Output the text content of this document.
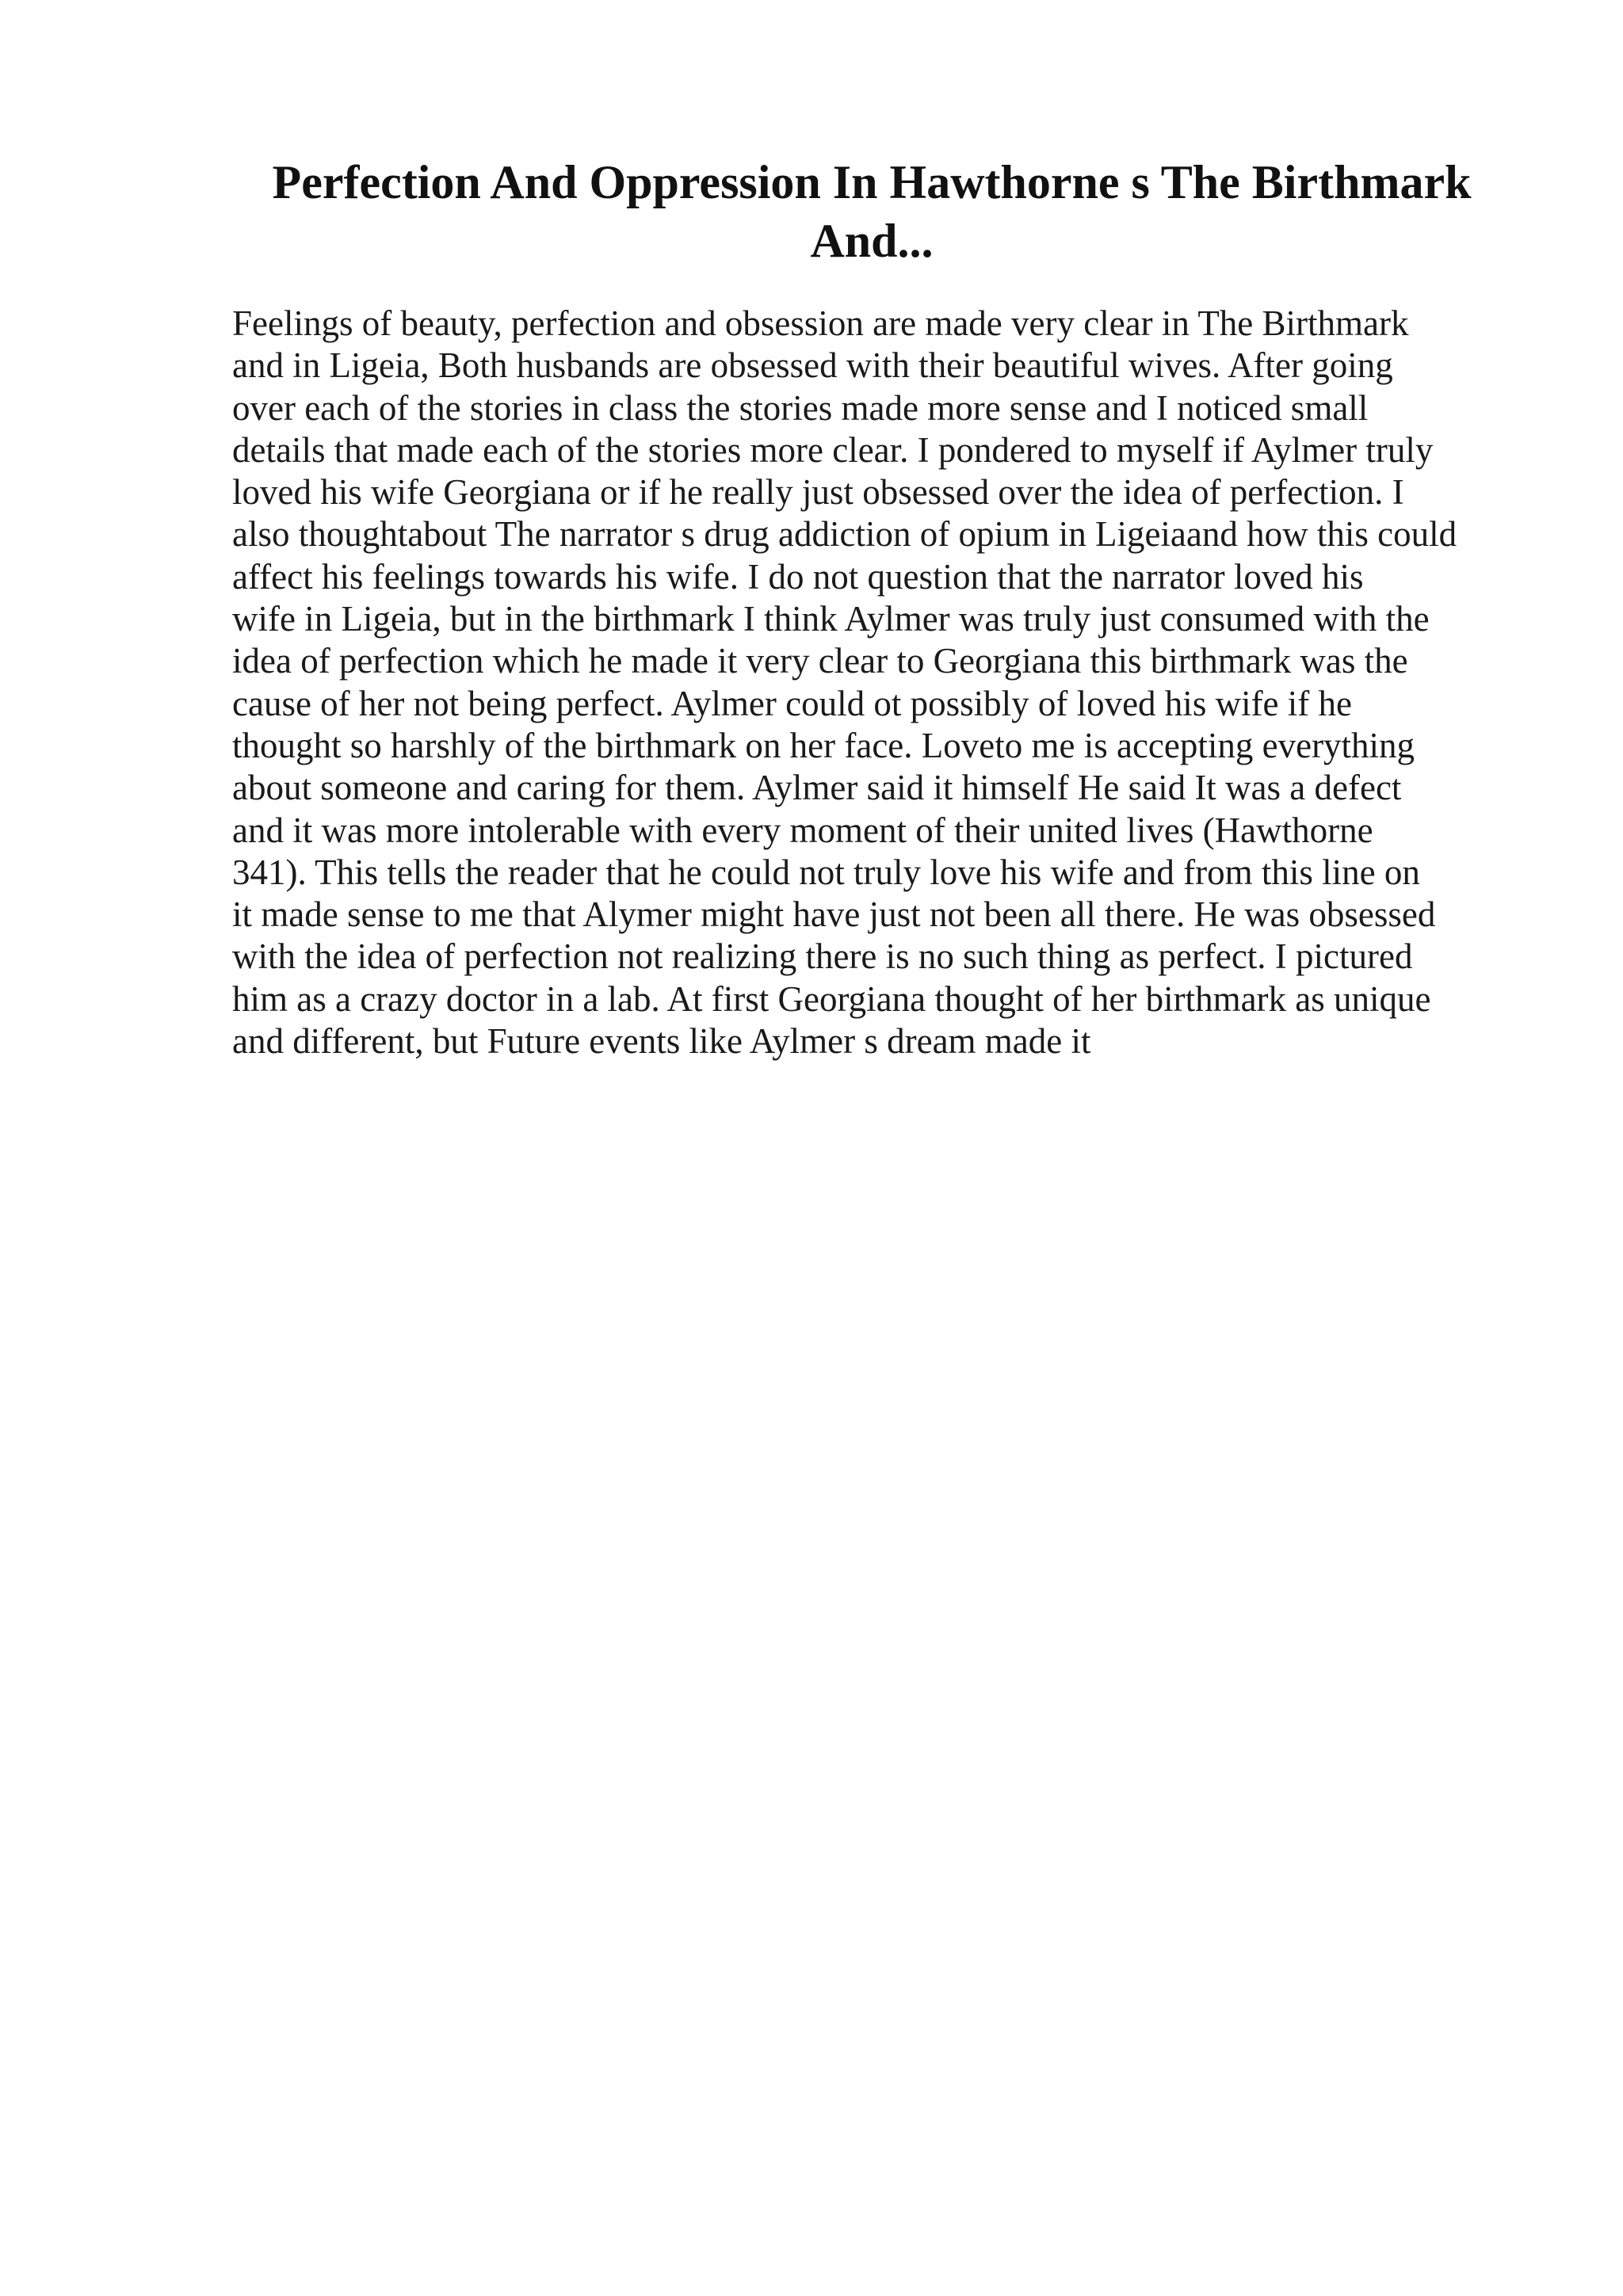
Perfection And Oppression In Hawthorne s The Birthmark
And...
Feelings of beauty, perfection and obsession are made very clear in The Birthmark
and in Ligeia, Both husbands are obsessed with their beautiful wives. After going
over each of the stories in class the stories made more sense and I noticed small
details that made each of the stories more clear. I pondered to myself if Aylmer truly
loved his wife Georgiana or if he really just obsessed over the idea of perfection. I
also thoughtabout The narrator s drug addiction of opium in Ligeiaand how this could
affect his feelings towards his wife. I do not question that the narrator loved his
wife in Ligeia, but in the birthmark I think Aylmer was truly just consumed with the
idea of perfection which he made it very clear to Georgiana this birthmark was the
cause of her not being perfect. Aylmer could ot possibly of loved his wife if he
thought so harshly of the birthmark on her face. Loveto me is accepting everything
about someone and caring for them. Aylmer said it himself He said It was a defect
and it was more intolerable with every moment of their united lives (Hawthorne
341). This tells the reader that he could not truly love his wife and from this line on
it made sense to me that Alymer might have just not been all there. He was obsessed
with the idea of perfection not realizing there is no such thing as perfect. I pictured
him as a crazy doctor in a lab. At first Georgiana thought of her birthmark as unique
and different, but Future events like Aylmer s dream made it
